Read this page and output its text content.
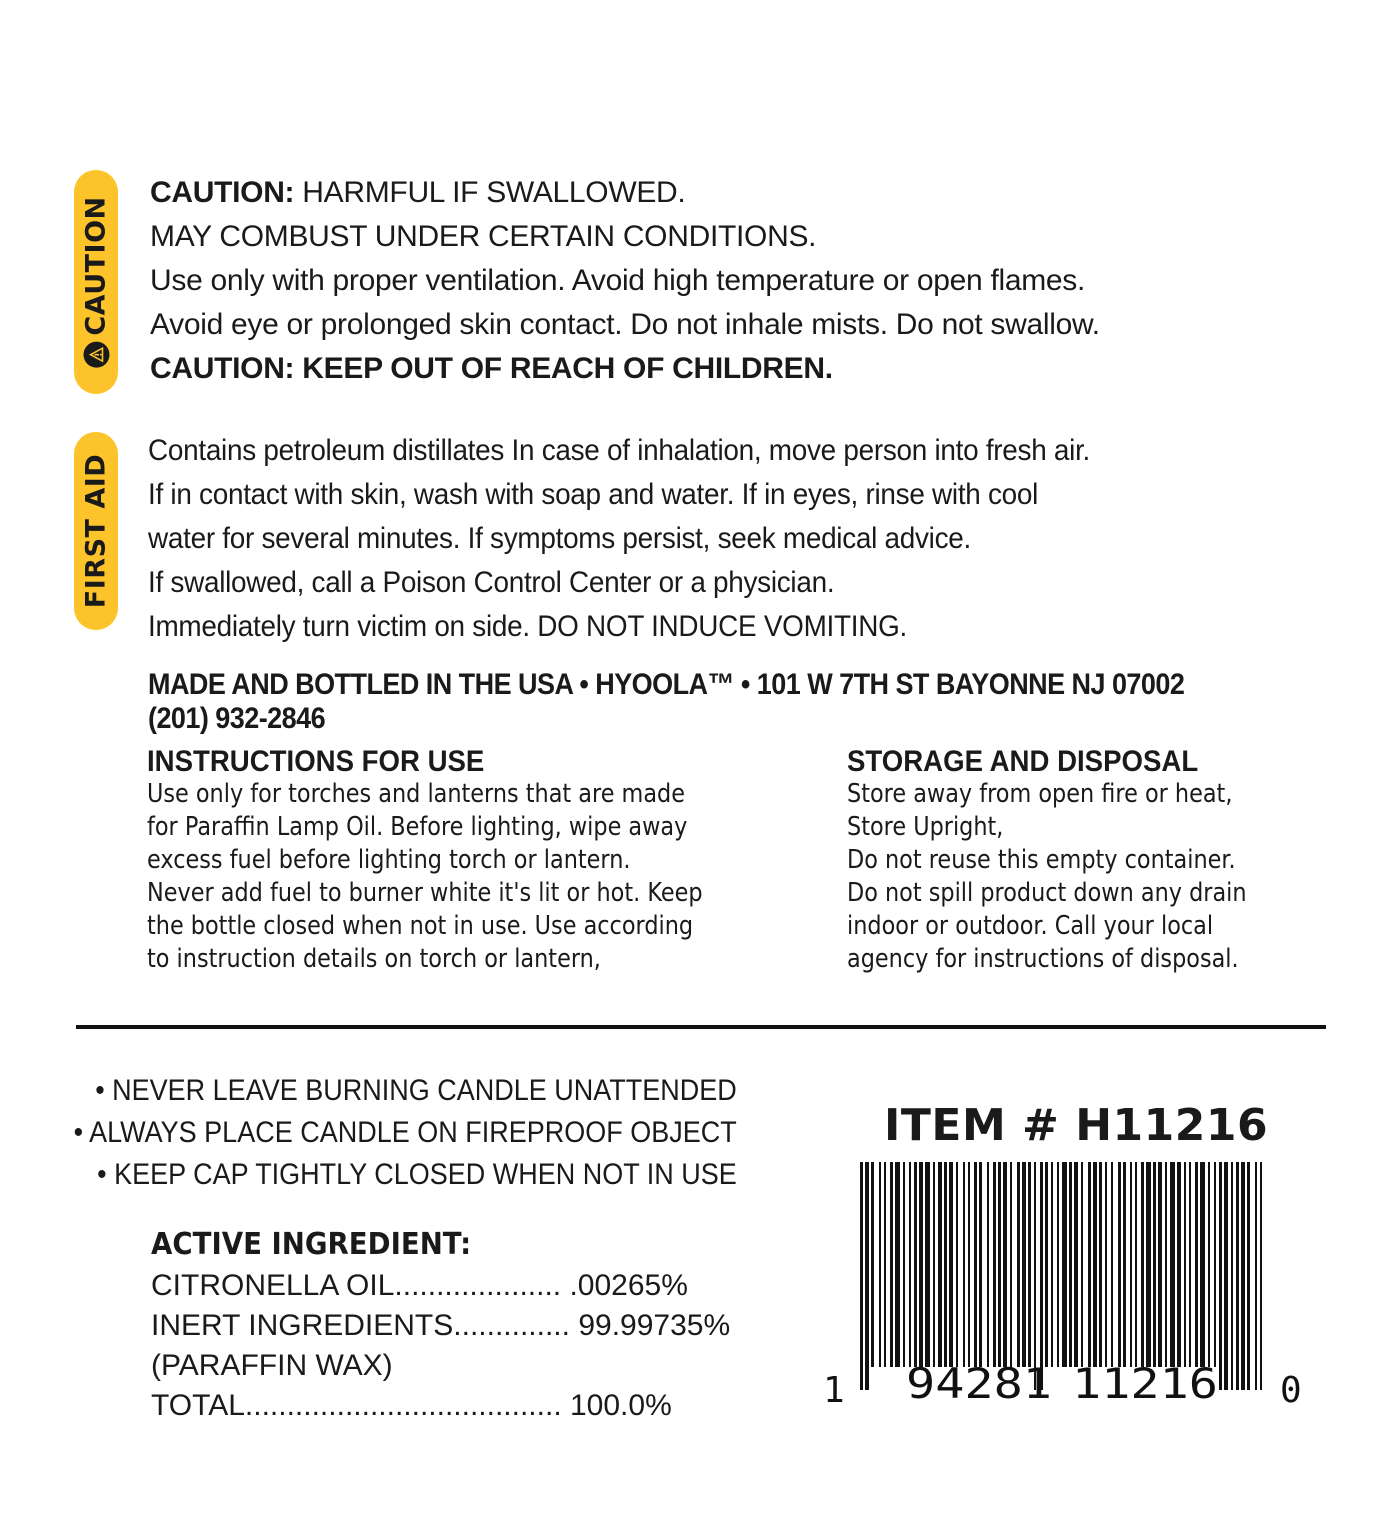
CAUTION
FIRST AID
CAUTION: HARMFUL IF SWALLOWED.
MAY COMBUST UNDER CERTAIN CONDITIONS.
Use only with proper ventilation. Avoid high temperature or open flames.
Avoid eye or prolonged skin contact. Do not inhale mists. Do not swallow.
CAUTION: KEEP OUT OF REACH OF CHILDREN.
Contains petroleum distillates In case of inhalation, move person into fresh air.
If in contact with skin, wash with soap and water. If in eyes, rinse with cool
water for several minutes. If symptoms persist, seek medical advice.
If swallowed, call a Poison Control Center or a physician.
Immediately turn victim on side. DO NOT INDUCE VOMITING.
MADE AND BOTTLED IN THE USA • HYOOLA™ • 101 W 7TH ST BAYONNE NJ 07002
(201) 932-2846
INSTRUCTIONS FOR USE
Use only for torches and lanterns that are made
for Paraffin Lamp Oil. Before lighting, wipe away
excess fuel before lighting torch or lantern.
Never add fuel to burner white it's lit or hot. Keep
the bottle closed when not in use. Use according
to instruction details on torch or lantern,
STORAGE AND DISPOSAL
Store away from open fire or heat,
Store Upright,
Do not reuse this empty container.
Do not spill product down any drain
indoor or outdoor. Call your local
agency for instructions of disposal.
• NEVER LEAVE BURNING CANDLE UNATTENDED
• ALWAYS PLACE CANDLE ON FIREPROOF OBJECT
• KEEP CAP TIGHTLY CLOSED WHEN NOT IN USE
ACTIVE INGREDIENT:
CITRONELLA OIL.................... .00265%
INERT INGREDIENTS.............. 99.99735%
(PARAFFIN WAX)
TOTAL...................................... 100.0%
ITEM # H11216
1 94281 11216 0
